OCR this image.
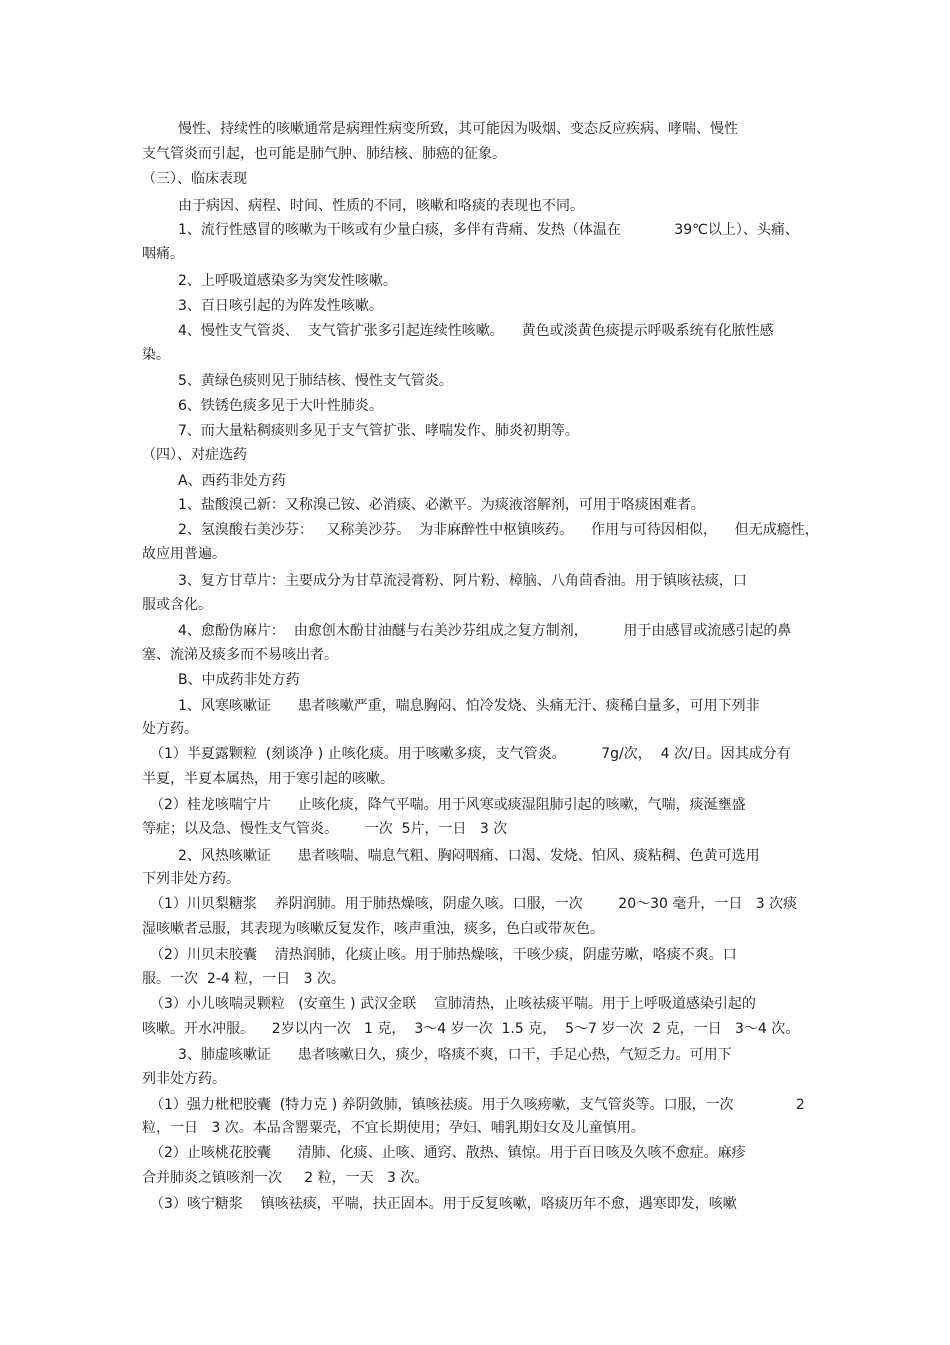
慢性、持续性的咳嗽通常是病理性病变所致，其可能因为吸烟、变态反应疾病、哮喘、慢性
支气管炎而引起，也可能是肺气肿、肺结核、肺癌的征象。
（三）、临床表现
由于病因、病程、时间、性质的不同，咳嗽和咯痰的表现也不同。
1、流行性感冒的咳嗽为干咳或有少量白痰，多伴有背痛、发热（体温在            39℃以上）、头痛、
咽痛。
2、上呼吸道感染多为突发性咳嗽。
3、百日咳引起的为阵发性咳嗽。
4、慢性支气管炎、  支气管扩张多引起连续性咳嗽。    黄色或淡黄色痰提示呼吸系统有化脓性感
染。
5、黄绿色痰则见于肺结核、慢性支气管炎。
6、铁锈色痰多见于大叶性肺炎。
7、而大量粘稠痰则多见于支气管扩张、哮喘发作、肺炎初期等。
（四）、对症选药
A、西药非处方药
1、盐酸溴己新：又称溴己铵、必消痰、必漱平。为痰液溶解剂，可用于咯痰困难者。
2、氢溴酸右美沙芬：   又称美沙芬。  为非麻醉性中枢镇咳药。    作用与可待因相似，    但无成瘾性，
故应用普遍。
3、复方甘草片：主要成分为甘草流浸膏粉、阿片粉、樟脑、八角茴香油。用于镇咳祛痰，口
服或含化。
4、愈酚伪麻片：  由愈创木酚甘油醚与右美沙芬组成之复方制剂，        用于由感冒或流感引起的鼻
塞、流涕及痰多而不易咳出者。
B、中成药非处方药
1、风寒咳嗽证      患者咳嗽严重，喘息胸闷、怕冷发烧、头痛无汗、痰稀白量多，可用下列非
处方药。
（1）半夏露颗粒  (刻谈净 ) 止咳化痰。用于咳嗽多痰，支气管炎。        7g/次，  4 次/日。因其成分有
半夏，半夏本属热，用于寒引起的咳嗽。
（2）桂龙咳喘宁片      止咳化痰，降气平喘。用于风寒或痰湿阻肺引起的咳嗽，气喘，痰涎壅盛
等症；以及急、慢性支气管炎。      一次  5片，一日   3 次
2、风热咳嗽证      患者咳喘、喘息气粗、胸闷咽痛、口渴、发烧、怕风、痰粘稠、色黄可选用
下列非处方药。
（1）川贝梨糖浆    养阴润肺。用于肺热燥咳，阴虚久咳。口服，一次        20～30 毫升，一日   3 次痰
湿咳嗽者忌服，其表现为咳嗽反复发作，咳声重浊，痰多，色白或带灰色。
（2）川贝末胶囊    清热润肺，化痰止咳。用于肺热燥咳，干咳少痰，阴虚劳嗽，咯痰不爽。口
服。一次  2-4 粒，一日   3 次。
（3）小儿咳喘灵颗粒   (安童生 ) 武汉金联    宣肺清热，止咳祛痰平喘。用于上呼吸道感染引起的
咳嗽。开水冲服。    2岁以内一次   1 克，  3～4 岁一次  1.5 克，  5～7 岁一次  2 克，一日   3～4 次。
3、肺虚咳嗽证      患者咳嗽日久，痰少，咯痰不爽，口干，手足心热，气短乏力。可用下
列非处方药。
（1）强力枇杷胶囊  (特力克 ) 养阴敛肺，镇咳祛痰。用于久咳痨嗽，支气管炎等。口服，一次              2
粒，一日   3 次。本品含罂粟壳，不宜长期使用；孕妇、哺乳期妇女及儿童慎用。
（2）止咳桃花胶囊      清肺、化痰、止咳、通窍、散热、镇惊。用于百日咳及久咳不愈症。麻疹
合并肺炎之镇咳剂一次     2 粒，一天   3 次。
（3）咳宁糖浆    镇咳祛痰，平喘，扶正固本。用于反复咳嗽，咯痰历年不愈，遇寒即发，咳嗽
